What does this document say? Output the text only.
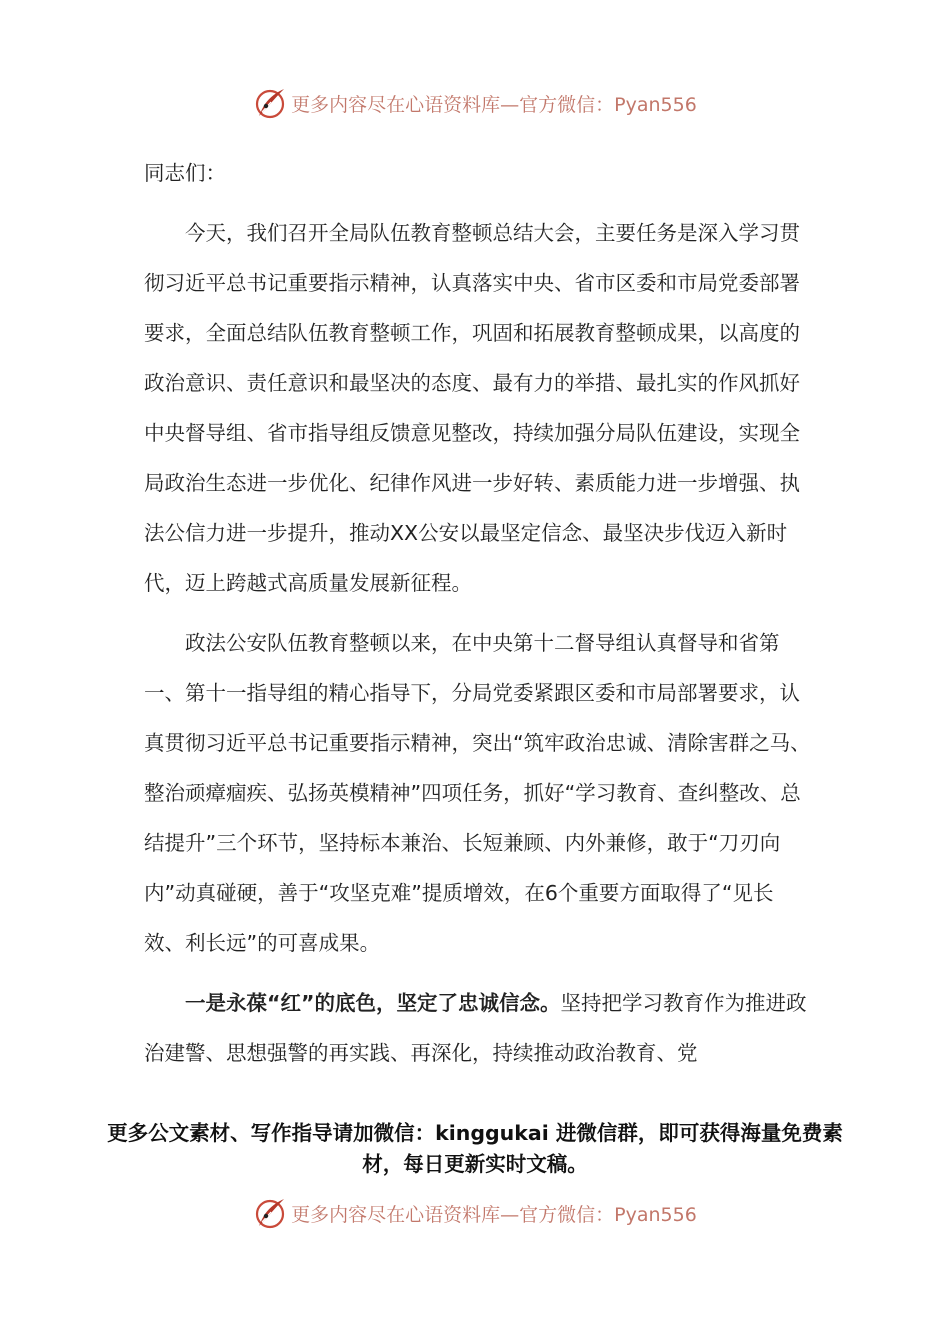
更多内容尽在心语资料库—官方微信：Pyan556

同志们：

今天，我们召开全局队伍教育整顿总结大会，主要任务是深入学习贯彻习近平总书记重要指示精神，认真落实中央、省市区委和市局党委部署要求，全面总结队伍教育整顿工作，巩固和拓展教育整顿成果，以高度的政治意识、责任意识和最坚决的态度、最有力的举措、最扎实的作风抓好中央督导组、省市指导组反馈意见整改，持续加强分局队伍建设，实现全局政治生态进一步优化、纪律作风进一步好转、素质能力进一步增强、执法公信力进一步提升，推动XX公安以最坚定信念、最坚决步伐迈入新时代，迈上跨越式高质量发展新征程。

政法公安队伍教育整顿以来，在中央第十二督导组认真督导和省第一、第十一指导组的精心指导下，分局党委紧跟区委和市局部署要求，认真贯彻习近平总书记重要指示精神，突出“筑牢政治忠诚、清除害群之马、整治顽瘴痼疾、弘扬英模精神”四项任务，抓好“学习教育、查纠整改、总结提升”三个环节，坚持标本兼治、长短兼顾、内外兼修，敢于“刀刃向内”动真碰硬，善于“攻坚克难”提质增效，在6个重要方面取得了“见长效、利长远”的可喜成果。

一是永葆“红”的底色，坚定了忠诚信念。坚持把学习教育作为推进政治建警、思想强警的再实践、再深化，持续推动政治教育、党

更多公文素材、写作指导请加微信：kinggukai 进微信群，即可获得海量免费素材，每日更新实时文稿。
更多内容尽在心语资料库—官方微信：Pyan556
